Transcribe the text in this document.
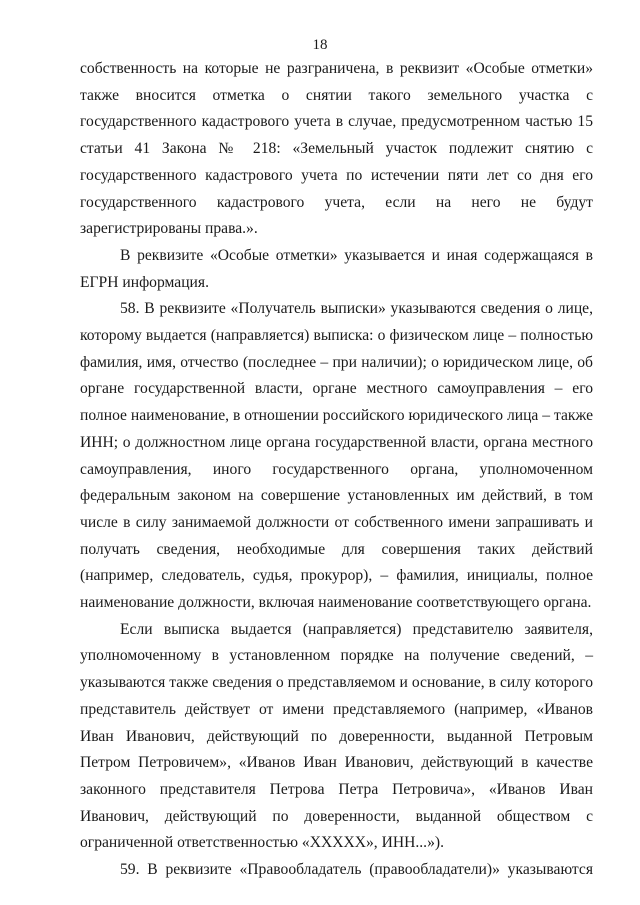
18

собственность на которые не разграничена, в реквизит «Особые отметки» также вносится отметка о снятии такого земельного участка с государственного кадастрового учета в случае, предусмотренном частью 15 статьи 41 Закона № 218: «Земельный участок подлежит снятию с государственного кадастрового учета по истечении пяти лет со дня его государственного кадастрового учета, если на него не будут зарегистрированы права.».

В реквизите «Особые отметки» указывается и иная содержащаяся в ЕГРН информация.

58. В реквизите «Получатель выписки» указываются сведения о лице, которому выдается (направляется) выписка: о физическом лице – полностью фамилия, имя, отчество (последнее – при наличии); о юридическом лице, об органе государственной власти, органе местного самоуправления – его полное наименование, в отношении российского юридического лица – также ИНН; о должностном лице органа государственной власти, органа местного самоуправления, иного государственного органа, уполномоченном федеральным законом на совершение установленных им действий, в том числе в силу занимаемой должности от собственного имени запрашивать и получать сведения, необходимые для совершения таких действий (например, следователь, судья, прокурор), – фамилия, инициалы, полное наименование должности, включая наименование соответствующего органа.

Если выписка выдается (направляется) представителю заявителя, уполномоченному в установленном порядке на получение сведений, – указываются также сведения о представляемом и основание, в силу которого представитель действует от имени представляемого (например, «Иванов Иван Иванович, действующий по доверенности, выданной Петровым Петром Петровичем», «Иванов Иван Иванович, действующий в качестве законного представителя Петрова Петра Петровича», «Иванов Иван Иванович, действующий по доверенности, выданной обществом с ограниченной ответственностью «ХХХХХ», ИНН...»).

59. В реквизите «Правообладатель (правообладатели)» указываются
